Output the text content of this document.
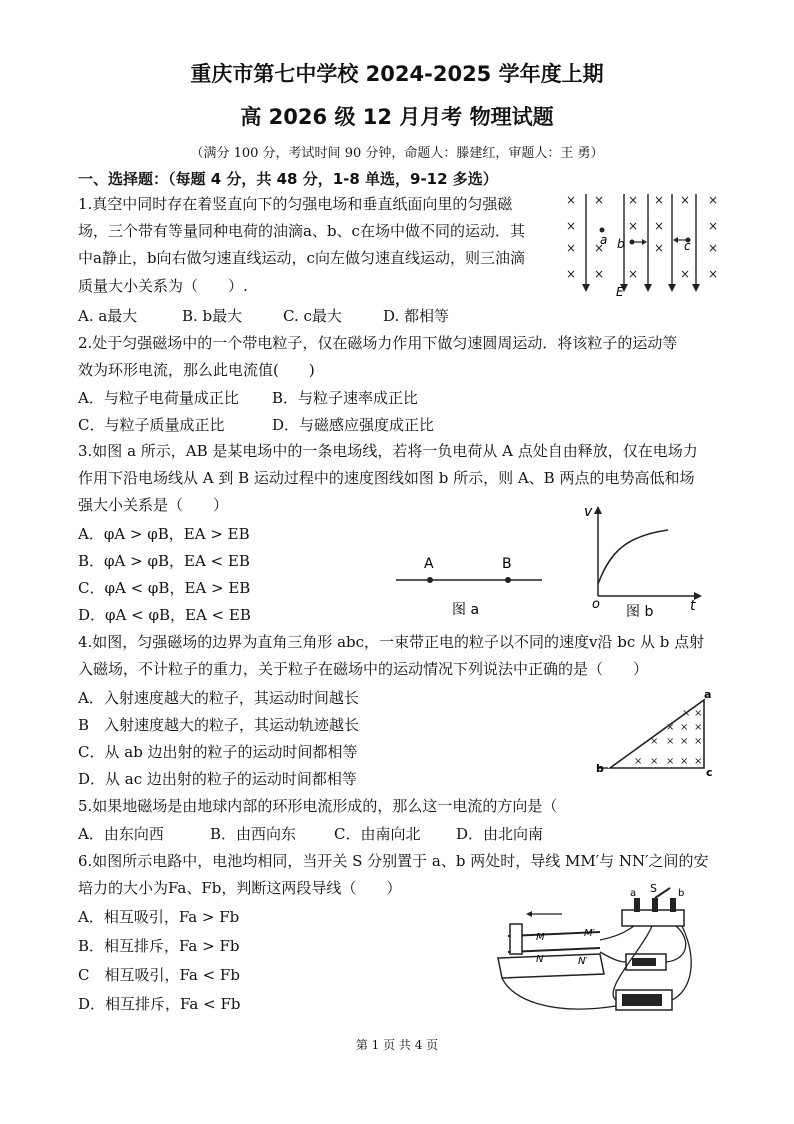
重庆市第七中学校 2024-2025 学年度上期
高 2026 级 12 月月考 物理试题
（满分 100 分，考试时间 90 分钟，命题人：滕建红，审题人：王 勇）
一、选择题：（每题 4 分，共 48 分，1-8 单选，9-12 多选）
1.真空中同时存在着竖直向下的匀强电场和垂直纸面向里的匀强磁
场，三个带有等量同种电荷的油滴a、b、c在场中做不同的运动．其
中a静止，b向右做匀速直线运动，c向左做匀速直线运动，则三油滴
质量大小关系为（　　）.
A. a最大	B. b最大	C. c最大	D. 都相等
× × × × × ×
×	× ×	×
× ×	×	×
× × ×	× ×
a b	c
E
2.处于匀强磁场中的一个带电粒子，仅在磁场力作用下做匀速圆周运动．将该粒子的运动等
效为环形电流，那么此电流值(　　)
A．与粒子电荷量成正比 B．与粒子速率成正比
C．与粒子质量成正比	D．与磁感应强度成正比
3.如图 a 所示，AB 是某电场中的一条电场线，若将一负电荷从 A 点处自由释放，仅在电场力
作用下沿电场线从 A 到 B 运动过程中的速度图线如图 b 所示，则 A、B 两点的电势高低和场
强大小关系是（　　）
A．φA > φB，EA > EB
B．φA > φB，EA < EB
C．φA < φB，EA > EB
D．φA < φB，EA < EB
A	B
图 a
v
t
o 图 b
4.如图，匀强磁场的边界为直角三角形 abc，一束带正电的粒子以不同的速度v沿 bc 从 b 点射
入磁场，不计粒子的重力，关于粒子在磁场中的运动情况下列说法中正确的是（　　）
A．入射速度越大的粒子，其运动时间越长
B　入射速度越大的粒子，其运动轨迹越长
C．从 ab 边出射的粒子的运动时间都相等
D．从 ac 边出射的粒子的运动时间都相等
a
b	c
× ×
× × ×
× × × ×
× × × × ×
5.如果地磁场是由地球内部的环形电流形成的，那么这一电流的方向是（
A．由东向西	B．由西向东	C．由南向北 D．由北向南
6.如图所示电路中，电池均相同，当开关 S 分别置于 a、b 两处时，导线 MM′与 NN′之间的安
培力的大小为Fa、Fb，判断这两段导线（　　）
A．相互吸引，Fa > Fb
B．相互排斥，Fa > Fb
C　相互吸引，Fa < Fb
D．相互排斥，Fa < Fb
M	M′
N	N′
a S b
第 1 页 共 4 页
